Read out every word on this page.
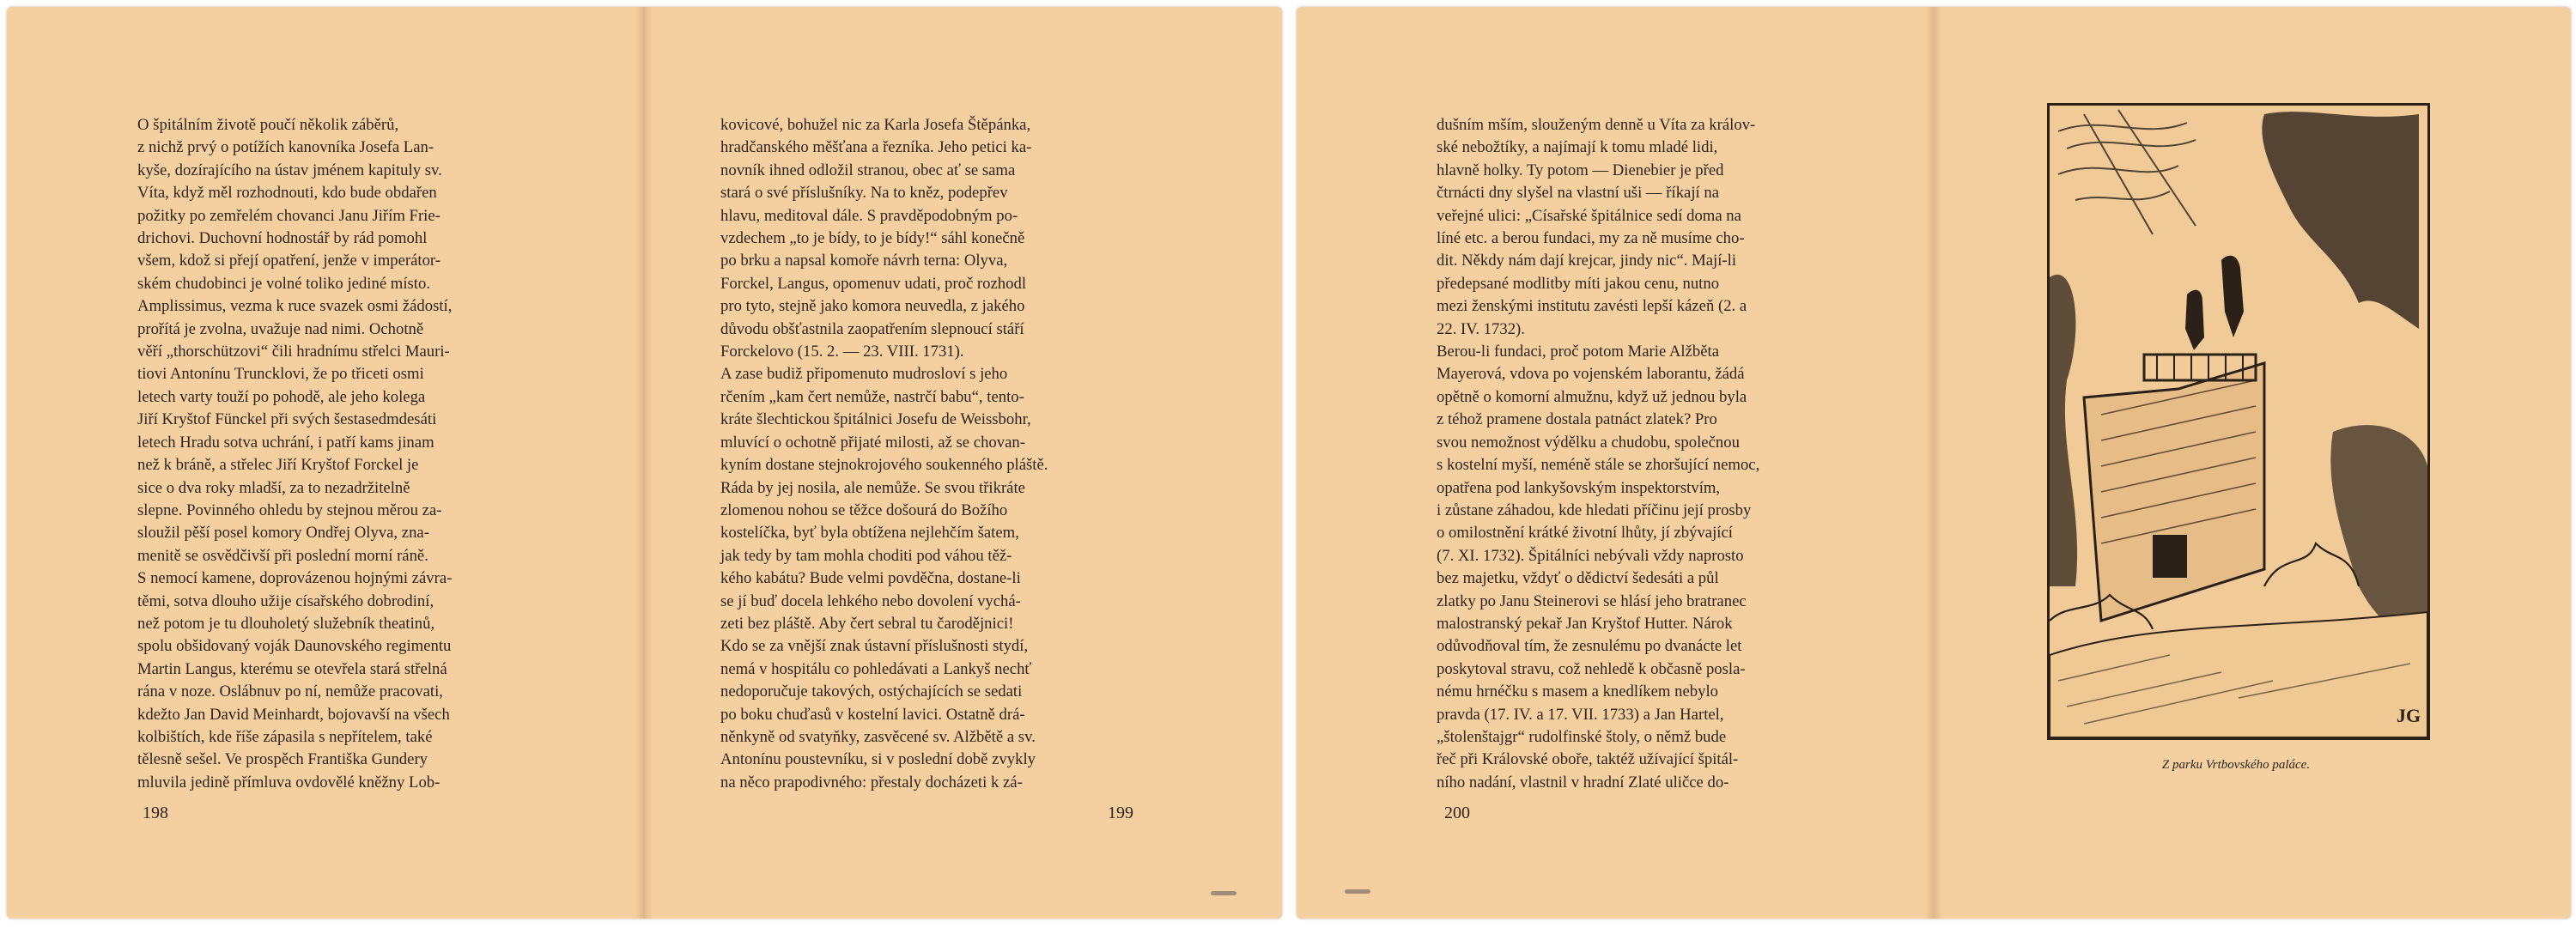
O špitálním životě poučí několik záběrů,
z nichž prvý o potížích kanovníka Josefa Lan-
kyše, dozírajícího na ústav jménem kapituly sv.
Víta, když měl rozhodnouti, kdo bude obdařen
požitky po zemřelém chovanci Janu Jiřím Frie-
drichovi. Duchovní hodnostář by rád pomohl
všem, kdož si přejí opatření, jenže v imperátor-
ském chudobinci je volné toliko jediné místo.
Amplissimus, vezma k ruce svazek osmi žádostí,
prořítá je zvolna, uvažuje nad nimi. Ochotně
věří „thorschützovi“ čili hradnímu střelci Mauri-
tiovi Antonínu Truncklovi, že po třiceti osmi
letech varty touží po pohodě, ale jeho kolega
Jiří Kryštof Fünckel při svých šestasedmdesáti
letech Hradu sotva uchrání, i patří kams jinam
než k bráně, a střelec Jiří Kryštof Forckel je
sice o dva roky mladší, za to nezadržitelně
slepne. Povinného ohledu by stejnou měrou za-
sloužil pěší posel komory Ondřej Olyva, zna-
menitě se osvědčivší při poslední morní ráně.
S nemocí kamene, doprovázenou hojnými závra-
těmi, sotva dlouho užije císařského dobrodiní,
než potom je tu dlouholetý služebník theatinů,
spolu obšidovaný voják Daunovského regimentu
Martin Langus, kterému se otevřela stará střelná
rána v noze. Oslábnuv po ní, nemůže pracovati,
kdežto Jan David Meinhardt, bojovavší na všech
kolbištích, kde říše zápasila s nepřítelem, také
tělesně sešel. Ve prospěch Františka Gundery
mluvila jedině přímluva ovdovělé kněžny Lob-
198
kovicové, bohužel nic za Karla Josefa Štěpánka,
hradčanského měšťana a řezníka. Jeho petici ka-
novník ihned odložil stranou, obec ať se sama
stará o své příslušníky. Na to kněz, podepřev
hlavu, meditoval dále. S pravděpodobným po-
vzdechem „to je bídy, to je bídy!“ sáhl konečně
po brku a napsal komoře návrh terna: Olyva,
Forckel, Langus, opomenuv udati, proč rozhodl
pro tyto, stejně jako komora neuvedla, z jakého
důvodu obšťastnila zaopatřením slepnoucí stáří
Forckelovo (15. 2. — 23. VIII. 1731).
A zase budiž připomenuto mudrosloví s jeho
rčením „kam čert nemůže, nastrčí babu“, tento-
kráte šlechtickou špitálnici Josefu de Weissbohr,
mluvící o ochotně přijaté milosti, až se chovan-
kyním dostane stejnokrojového soukenného pláště.
Ráda by jej nosila, ale nemůže. Se svou třikráte
zlomenou nohou se těžce došourá do Božího
kostelíčka, byť byla obtížena nejlehčím šatem,
jak tedy by tam mohla choditi pod váhou těž-
kého kabátu? Bude velmi povděčna, dostane-li
se jí buď docela lehkého nebo dovolení vychá-
zeti bez pláště. Aby čert sebral tu čarodějnici!
Kdo se za vnější znak ústavní příslušnosti stydí,
nemá v hospitálu co pohledávati a Lankyš nechť
nedoporučuje takových, ostýchajících se sedati
po boku chuďasů v kostelní lavici. Ostatně drá-
něnkyně od svatyňky, zasvěcené sv. Alžbětě a sv.
Antonínu poustevníku, si v poslední době zvykly
na něco prapodivného: přestaly docházeti k zá-
199
dušním mším, slouženým denně u Víta za králov-
ské nebožtíky, a najímají k tomu mladé lidi,
hlavně holky. Ty potom — Dienebier je před
čtrnácti dny slyšel na vlastní uši — říkají na
veřejné ulici: „Císařské špitálnice sedí doma na
líné etc. a berou fundaci, my za ně musíme cho-
dit. Někdy nám dají krejcar, jindy nic“. Mají-li
předepsané modlitby míti jakou cenu, nutno
mezi ženskými institutu zavésti lepší kázeň (2. a
22. IV. 1732).
Berou-li fundaci, proč potom Marie Alžběta
Mayerová, vdova po vojenském laborantu, žádá
opětně o komorní almužnu, když už jednou byla
z téhož pramene dostala patnáct zlatek? Pro
svou nemožnost výdělku a chudobu, společnou
s kostelní myší, neméně stále se zhoršující nemoc,
opatřena pod lankyšovským inspektorstvím,
i zůstane záhadou, kde hledati příčinu její prosby
o omilostnění krátké životní lhůty, jí zbývající
(7. XI. 1732). Špitálníci nebývali vždy naprosto
bez majetku, vždyť o dědictví šedesáti a půl
zlatky po Janu Steinerovi se hlásí jeho bratranec
malostranský pekař Jan Kryštof Hutter. Nárok
odůvodňoval tím, že zesnulému po dvanácte let
poskytoval stravu, což nehledě k občasně posla-
nému hrnéčku s masem a knedlíkem nebylo
pravda (17. IV. a 17. VII. 1733) a Jan Hartel,
„štolenštajgr“ rudolfinské štoly, o němž bude
řeč při Královské oboře, taktéž užívající špitál-
ního nadání, vlastnil v hradní Zlaté uličce do-
200
JG
Z parku Vrtbovského paláce.
